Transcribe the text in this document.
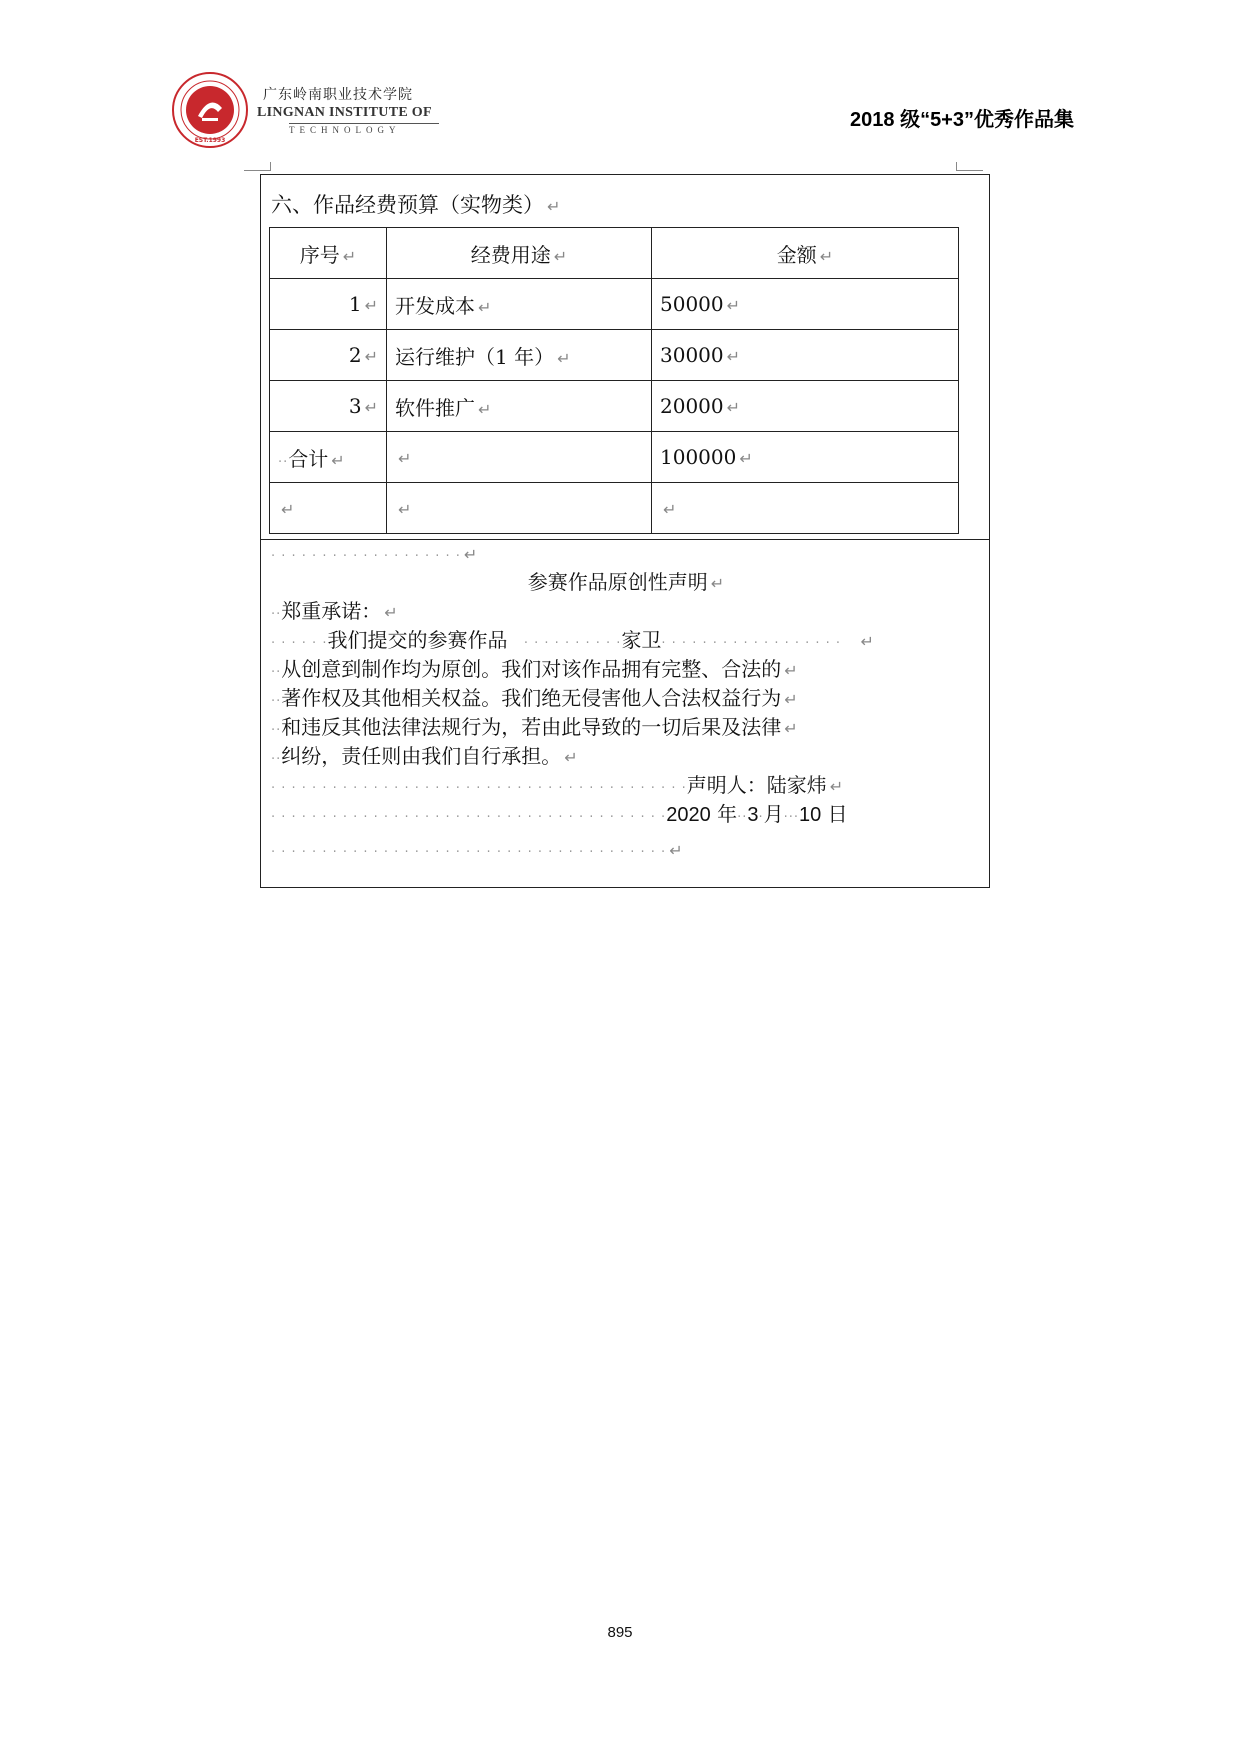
EST.1993
广东岭南职业技术学院
LINGNAN INSTITUTE OF
TECHNOLOGY	2018 级“5+3”优秀作品集
六、作品经费预算（实物类） ↵
序号 ↵	经费用途 ↵	金额 ↵
1 ↵	开发成本 ↵	50000 ↵
2 ↵	运行维护（1 年） ↵	30000 ↵
3 ↵	软件推广 ↵	20000 ↵
··合计 ↵	↵	100000 ↵
↵	↵	↵
· · · · · · · · · · · · · · · · · · · ↵
参赛作品原创性声明 ↵
··郑重承诺： ↵
· · · · · ·我们提交的参赛作品 · · · · · · · · · ·家卫· · · · · · · · · · · · · · · · · · ↵
··从创意到制作均为原创。我们对该作品拥有完整、合法的 ↵
··著作权及其他相关权益。我们绝无侵害他人合法权益行为 ↵
··和违反其他法律法规行为，若由此导致的一切后果及法律 ↵
··纠纷，责任则由我们自行承担。 ↵
· · · · · · · · · · · · · · · · · · · · · · · · · · · · · · · · · · · · · · · · ·声明人：陆家炜 ↵
· · · · · · · · · · · · · · · · · · · · · · · · · · · · · · · · · · · · · · ·2020 年··3·月···10 日
· · · · · · · · · · · · · · · · · · · · · · · · · · · · · · · · · · · · · · · ↵
895
